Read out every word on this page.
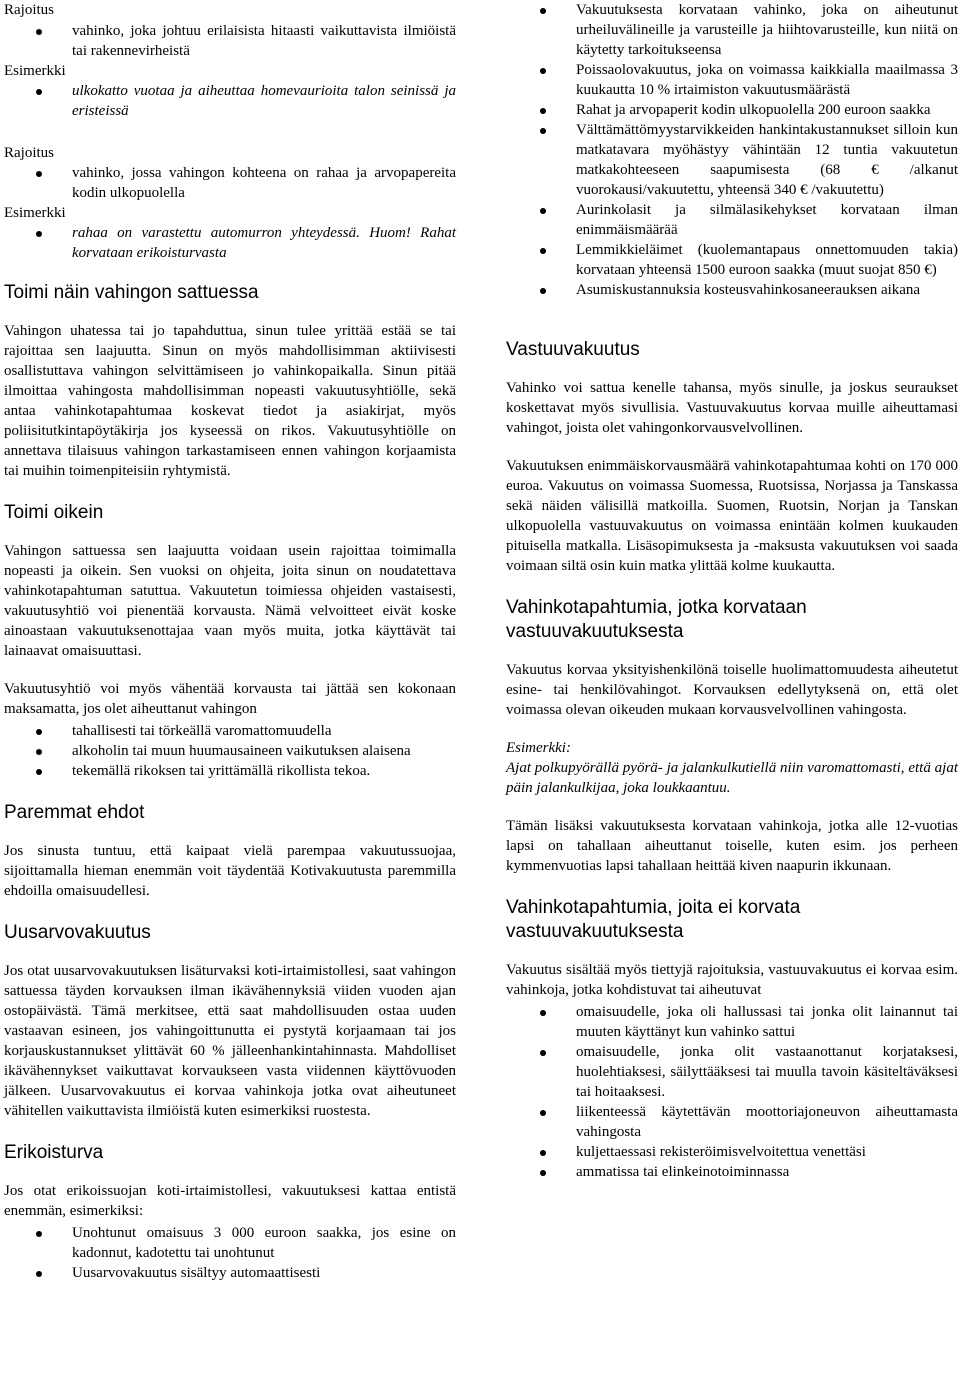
Rajoitus
vahinko, joka johtuu erilaisista hitaasti vaikuttavista ilmiöistä tai rakennevirheistä
Esimerkki
ulkokatto vuotaa ja aiheuttaa homevaurioita talon seinissä ja eristeissä
Rajoitus
vahinko, jossa vahingon kohteena on rahaa ja arvopapereita kodin ulkopuolella
Esimerkki
rahaa on varastettu automurron yhteydessä. Huom! Rahat korvataan erikoisturvasta
Toimi näin vahingon sattuessa

Vahingon uhatessa tai jo tapahduttua, sinun tulee yrittää estää se tai rajoittaa sen laajuutta. Sinun on myös mahdollisimman aktiivisesti osallistuttava vahingon selvittämiseen jo vahinkopaikalla. Sinun pitää ilmoittaa vahingosta mahdollisimman nopeasti vakuutusyhtiölle, sekä antaa vahinkotapahtumaa koskevat tiedot ja asiakirjat, myös poliisitutkintapöytäkirja jos kyseessä on rikos. Vakuutusyhtiölle on annettava tilaisuus vahingon tarkastamiseen ennen vahingon korjaamista tai muihin toimenpiteisiin ryhtymistä.

Toimi oikein

Vahingon sattuessa sen laajuutta voidaan usein rajoittaa toimimalla nopeasti ja oikein. Sen vuoksi on ohjeita, joita sinun on noudatettava vahinkotapahtuman satuttua. Vakuutetun toimiessa ohjeiden vastaisesti, vakuutusyhtiö voi pienentää korvausta. Nämä velvoitteet eivät koske ainoastaan vakuutuksenottajaa vaan myös muita, jotka käyttävät tai lainaavat omaisuuttasi.

Vakuutusyhtiö voi myös vähentää korvausta tai jättää sen kokonaan maksamatta, jos olet aiheuttanut vahingon

tahallisesti tai törkeällä varomattomuudella
alkoholin tai muun huumausaineen vaikutuksen alaisena
tekemällä rikoksen tai yrittämällä rikollista tekoa.
Paremmat ehdot

Jos sinusta tuntuu, että kaipaat vielä parempaa vakuutussuojaa, sijoittamalla hieman enemmän voit täydentää Kotivakuutusta paremmilla ehdoilla omaisuudellesi.

Uusarvovakuutus

Jos otat uusarvovakuutuksen lisäturvaksi koti-irtaimistollesi, saat vahingon sattuessa täyden korvauksen ilman ikävähennyksiä viiden vuoden ajan ostopäivästä. Tämä merkitsee, että saat mahdollisuuden ostaa uuden vastaavan esineen, jos vahingoittunutta ei pystytä korjaamaan tai jos korjauskustannukset ylittävät 60 % jälleenhankintahinnasta. Mahdolliset ikävähennykset vaikuttavat korvaukseen vasta viidennen käyttövuoden jälkeen. Uusarvovakuutus ei korvaa vahinkoja jotka ovat aiheutuneet vähitellen vaikuttavista ilmiöistä kuten esimerkiksi ruostesta.

Erikoisturva

Jos otat erikoissuojan koti-irtaimistollesi, vakuutuksesi kattaa entistä enemmän, esimerkiksi:

Unohtunut omaisuus 3 000 euroon saakka, jos esine on kadonnut, kadotettu tai unohtunut
Uusarvovakuutus sisältyy automaattisesti
Vakuutuksesta korvataan vahinko, joka on aiheutunut urheiluvälineille ja varusteille ja hiihtovarusteille, kun niitä on käytetty tarkoitukseensa
Poissaolovakuutus, joka on voimassa kaikkialla maailmassa 3 kuukautta 10 % irtaimiston vakuutusmäärästä
Rahat ja arvopaperit kodin ulkopuolella 200 euroon saakka
Välttämättömyystarvikkeiden hankintakustannukset silloin kun matkatavara myöhästyy vähintään 12 tuntia vakuutetun matkakohteeseen saapumisesta (68 € /alkanut vuorokausi/vakuutettu, yhteensä 340 € /vakuutettu)
Aurinkolasit ja silmälasikehykset korvataan ilman enimmäismäärää
Lemmikkieläimet (kuolemantapaus onnettomuuden takia) korvataan yhteensä 1500 euroon saakka (muut suojat 850 €)
Asumiskustannuksia kosteusvahinkosaneerauksen aikana
Vastuuvakuutus

Vahinko voi sattua kenelle tahansa, myös sinulle, ja joskus seuraukset koskettavat myös sivullisia. Vastuuvakuutus korvaa muille aiheuttamasi vahingot, joista olet vahingonkorvausvelvollinen.

Vakuutuksen enimmäiskorvausmäärä vahinkotapahtumaa kohti on 170 000 euroa. Vakuutus on voimassa Suomessa, Ruotsissa, Norjassa ja Tanskassa sekä näiden välisillä matkoilla. Suomen, Ruotsin, Norjan ja Tanskan ulkopuolella vastuuvakuutus on voimassa enintään kolmen kuukauden pituisella matkalla. Lisäsopimuksesta ja -maksusta vakuutuksen voi saada voimaan siltä osin kuin matka ylittää kolme kuukautta.

Vahinkotapahtumia, jotka korvataan vastuuvakuutuksesta

Vakuutus korvaa yksityishenkilönä toiselle huolimattomuudesta aiheutetut esine- tai henkilövahingot. Korvauksen edellytyksenä on, että olet voimassa olevan oikeuden mukaan korvausvelvollinen vahingosta.

Esimerkki:

Ajat polkupyörällä pyörä- ja jalankulkutiellä niin varomattomasti, että ajat päin jalankulkijaa, joka loukkaantuu.

Tämän lisäksi vakuutuksesta korvataan vahinkoja, jotka alle 12-vuotias lapsi on tahallaan aiheuttanut toiselle, kuten esim. jos perheen kymmenvuotias lapsi tahallaan heittää kiven naapurin ikkunaan.

Vahinkotapahtumia, joita ei korvata vastuuvakuutuksesta

Vakuutus sisältää myös tiettyjä rajoituksia, vastuuvakuutus ei korvaa esim. vahinkoja, jotka kohdistuvat tai aiheutuvat

omaisuudelle, joka oli hallussasi tai jonka olit lainannut tai muuten käyttänyt kun vahinko sattui
omaisuudelle, jonka olit vastaanottanut korjataksesi, huolehtiaksesi, säilyttääksesi tai muulla tavoin käsiteltäväksesi tai hoitaaksesi.
liikenteessä käytettävän moottoriajoneuvon aiheuttamasta vahingosta
kuljettaessasi rekisteröimisvelvoitettua venettäsi
ammatissa tai elinkeinotoiminnassa
